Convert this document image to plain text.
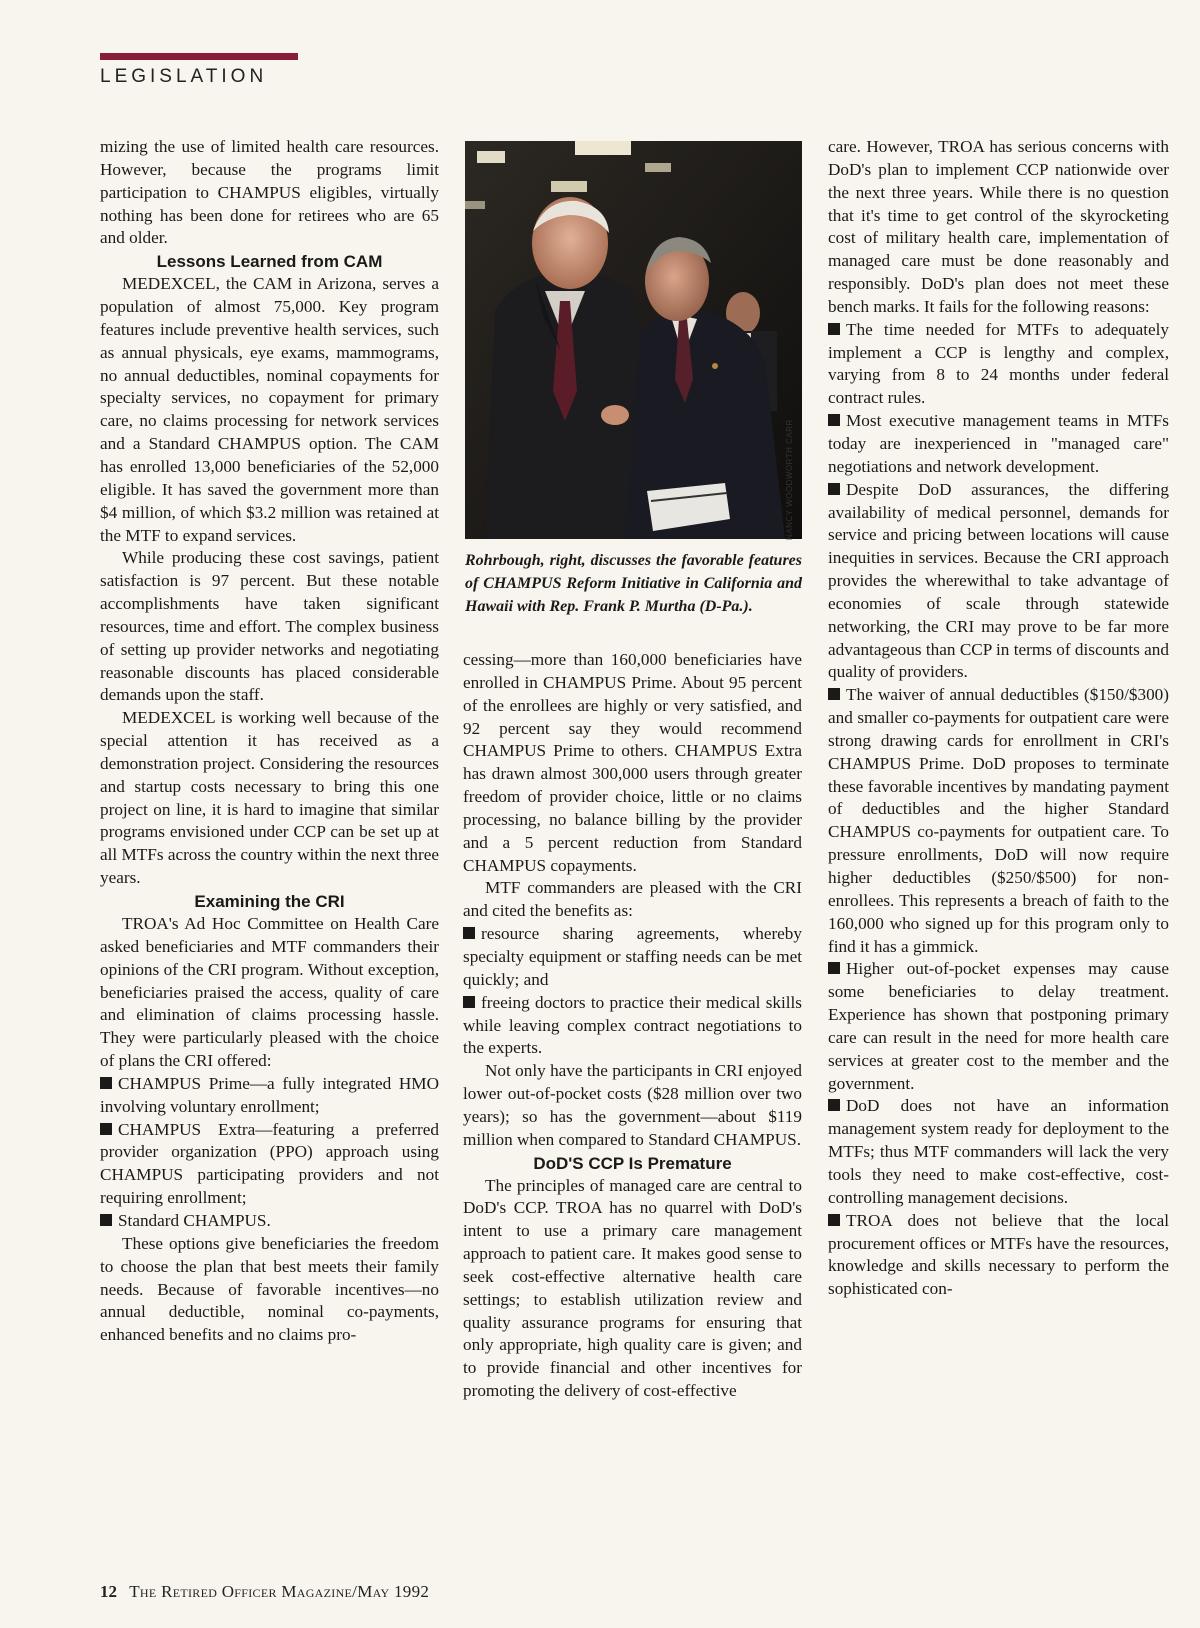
LEGISLATION

mizing the use of limited health care resources. However, because the programs limit participation to CHAMPUS eligibles, virtually nothing has been done for retirees who are 65 and older.

Lessons Learned from CAM

MEDEXCEL, the CAM in Arizona, serves a population of almost 75,000. Key program features include preventive health services, such as annual physicals, eye exams, mammograms, no annual deductibles, nominal copayments for specialty services, no copayment for primary care, no claims processing for network services and a Standard CHAMPUS option. The CAM has enrolled 13,000 beneficiaries of the 52,000 eligible. It has saved the government more than $4 million, of which $3.2 million was retained at the MTF to expand services.

While producing these cost savings, patient satisfaction is 97 percent. But these notable accomplishments have taken significant resources, time and effort. The complex business of setting up provider networks and negotiating reasonable discounts has placed considerable demands upon the staff.

MEDEXCEL is working well because of the special attention it has received as a demonstration project. Considering the resources and startup costs necessary to bring this one project on line, it is hard to imagine that similar programs envisioned under CCP can be set up at all MTFs across the country within the next three years.

Examining the CRI

TROA's Ad Hoc Committee on Health Care asked beneficiaries and MTF commanders their opinions of the CRI program. Without exception, beneficiaries praised the access, quality of care and elimination of claims processing hassle. They were particularly pleased with the choice of plans the CRI offered:

CHAMPUS Prime—a fully integrated HMO involving voluntary enrollment;

CHAMPUS Extra—featuring a preferred provider organization (PPO) approach using CHAMPUS participating providers and not requiring enrollment;

Standard CHAMPUS.

These options give beneficiaries the freedom to choose the plan that best meets their family needs. Because of favorable incentives—no annual deductible, nominal co-payments, enhanced benefits and no claims pro-

NANCY WOODWORTH CARR
Rohrbough, right, discusses the favorable features of CHAMPUS Reform Initiative in California and Hawaii with Rep. Frank P. Murtha (D-Pa.).

cessing—more than 160,000 beneficiaries have enrolled in CHAMPUS Prime. About 95 percent of the enrollees are highly or very satisfied, and 92 percent say they would recommend CHAMPUS Prime to others. CHAMPUS Extra has drawn almost 300,000 users through greater freedom of provider choice, little or no claims processing, no balance billing by the provider and a 5 percent reduction from Standard CHAMPUS copayments.

MTF commanders are pleased with the CRI and cited the benefits as:

resource sharing agreements, whereby specialty equipment or staffing needs can be met quickly; and

freeing doctors to practice their medical skills while leaving complex contract negotiations to the experts.

Not only have the participants in CRI enjoyed lower out-of-pocket costs ($28 million over two years); so has the government—about $119 million when compared to Standard CHAMPUS.

DoD'S CCP Is Premature

The principles of managed care are central to DoD's CCP. TROA has no quarrel with DoD's intent to use a primary care management approach to patient care. It makes good sense to seek cost-effective alternative health care settings; to establish utilization review and quality assurance programs for ensuring that only appropriate, high quality care is given; and to provide financial and other incentives for promoting the delivery of cost-effective

care. However, TROA has serious concerns with DoD's plan to implement CCP nationwide over the next three years. While there is no question that it's time to get control of the skyrocketing cost of military health care, implementation of managed care must be done reasonably and responsibly. DoD's plan does not meet these bench marks. It fails for the following reasons:

The time needed for MTFs to adequately implement a CCP is lengthy and complex, varying from 8 to 24 months under federal contract rules.

Most executive management teams in MTFs today are inexperienced in "managed care" negotiations and network development.

Despite DoD assurances, the differing availability of medical personnel, demands for service and pricing between locations will cause inequities in services. Because the CRI approach provides the wherewithal to take advantage of economies of scale through statewide networking, the CRI may prove to be far more advantageous than CCP in terms of discounts and quality of providers.

The waiver of annual deductibles ($150/$300) and smaller co-payments for outpatient care were strong drawing cards for enrollment in CRI's CHAMPUS Prime. DoD proposes to terminate these favorable incentives by mandating payment of deductibles and the higher Standard CHAMPUS co-payments for outpatient care. To pressure enrollments, DoD will now require higher deductibles ($250/$500) for non-enrollees. This represents a breach of faith to the 160,000 who signed up for this program only to find it has a gimmick.

Higher out-of-pocket expenses may cause some beneficiaries to delay treatment. Experience has shown that postponing primary care can result in the need for more health care services at greater cost to the member and the government.

DoD does not have an information management system ready for deployment to the MTFs; thus MTF commanders will lack the very tools they need to make cost-effective, cost-controlling management decisions.

TROA does not believe that the local procurement offices or MTFs have the resources, knowledge and skills necessary to perform the sophisticated con-

12 The Retired Officer Magazine/May 1992
